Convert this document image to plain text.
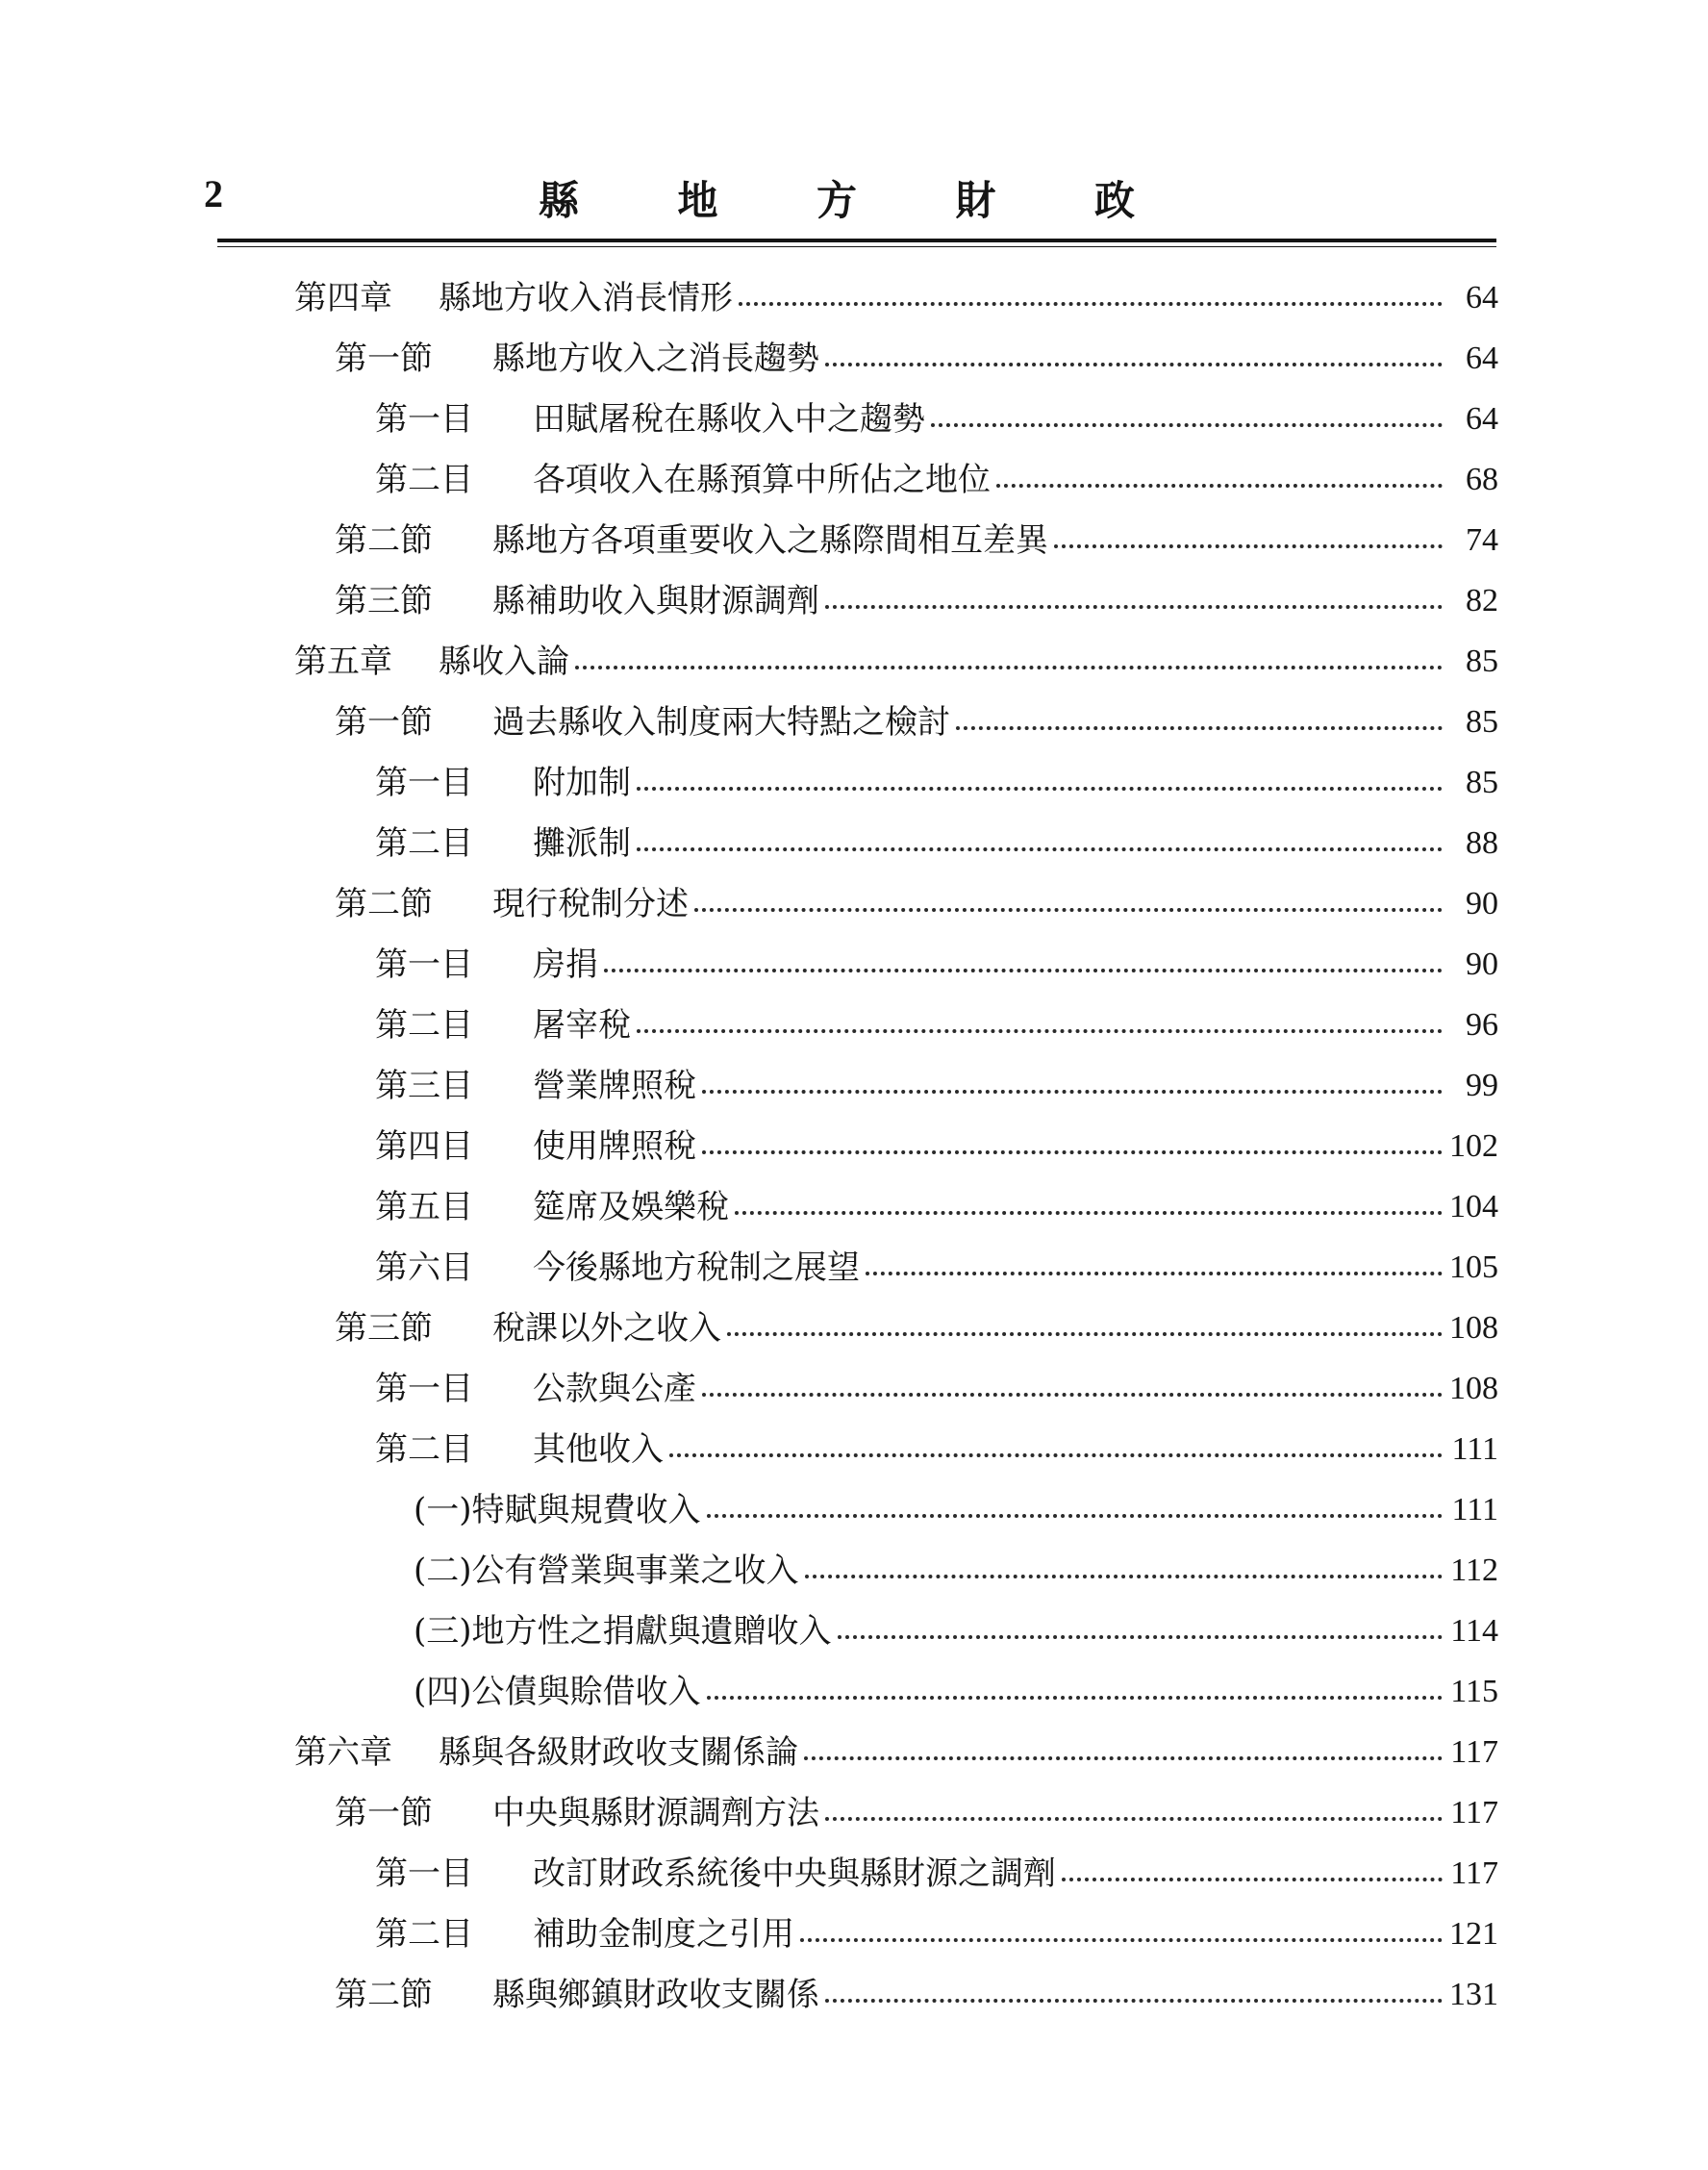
2	縣 地 方 財 政
第四章	縣地方收入消長情形	64
第一節	縣地方收入之消長趨勢	64
第一目	田賦屠稅在縣收入中之趨勢	64
第二目	各項收入在縣預算中所佔之地位	68
第二節	縣地方各項重要收入之縣際間相互差異	74
第三節	縣補助收入與財源調劑	82
第五章	縣收入論	85
第一節	過去縣收入制度兩大特點之檢討	85
第一目	附加制	85
第二目	攤派制	88
第二節	現行稅制分述	90
第一目	房捐	90
第二目	屠宰稅	96
第三目	營業牌照稅	99
第四目	使用牌照稅	102
第五目	筵席及娛樂稅	104
第六目	今後縣地方稅制之展望	105
第三節	稅課以外之收入	108
第一目	公款與公產	108
第二目	其他收入	111
(一)特賦與規費收入	111
(二)公有營業與事業之收入	112
(三)地方性之捐獻與遺贈收入	114
(四)公債與賒借收入	115
第六章	縣與各級財政收支關係論	117
第一節	中央與縣財源調劑方法	117
第一目	改訂財政系統後中央與縣財源之調劑	117
第二目	補助金制度之引用	121
第二節	縣與鄉鎮財政收支關係	131
